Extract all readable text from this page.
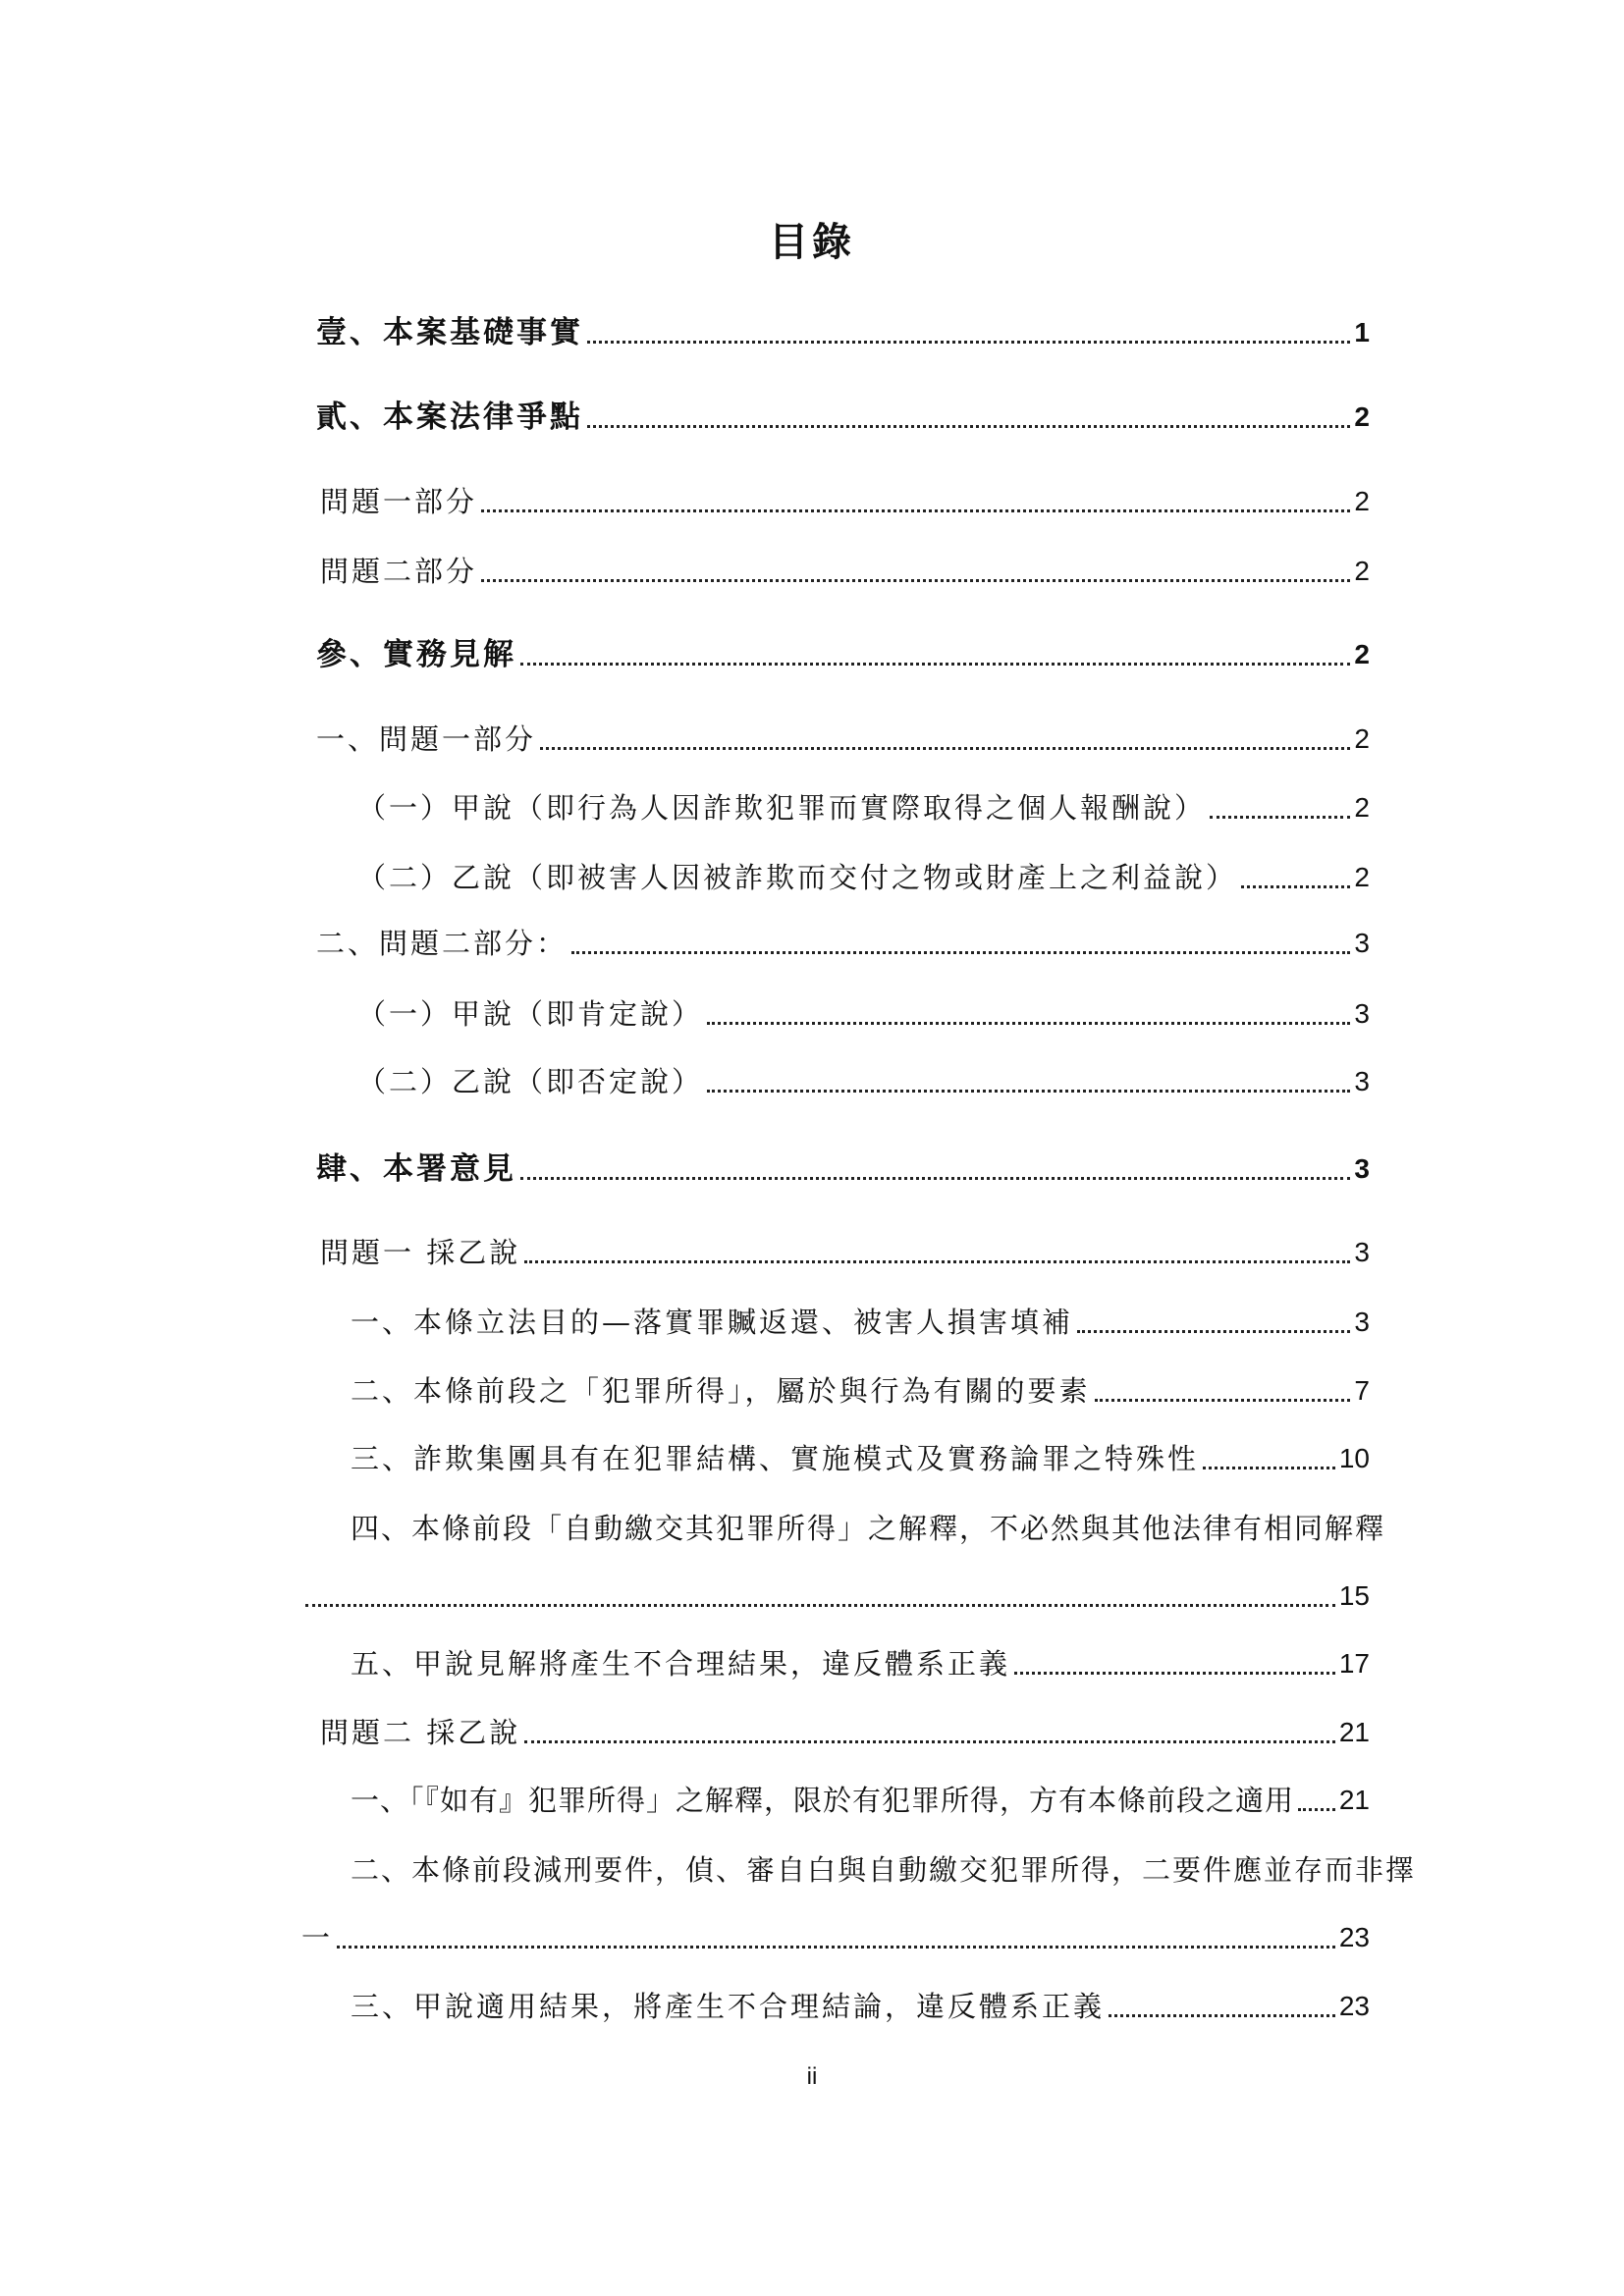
目錄
壹、本案基礎事實	1
貳、本案法律爭點	2
問題一部分	2
問題二部分	2
參、實務見解	2
一、問題一部分	2
（一）甲說（即行為人因詐欺犯罪而實際取得之個人報酬說）	2
（二）乙說（即被害人因被詐欺而交付之物或財產上之利益說）	2
二、問題二部分：	3
（一）甲說（即肯定說）	3
（二）乙說（即否定說）	3
肆、本署意見	3
問題一 採乙說	3
一、本條立法目的—落實罪贓返還、被害人損害填補	3
二、本條前段之「犯罪所得」，屬於與行為有關的要素	7
三、詐欺集團具有在犯罪結構、實施模式及實務論罪之特殊性	10
四、本條前段「自動繳交其犯罪所得」之解釋，不必然與其他法律有相同解釋
15
五、甲說見解將產生不合理結果，違反體系正義	17
問題二 採乙說	21
一、「『如有』犯罪所得」之解釋，限於有犯罪所得，方有本條前段之適用 21
二、本條前段減刑要件，偵、審自白與自動繳交犯罪所得，二要件應並存而非擇
一	23
三、甲說適用結果，將產生不合理結論，違反體系正義	23
ii
